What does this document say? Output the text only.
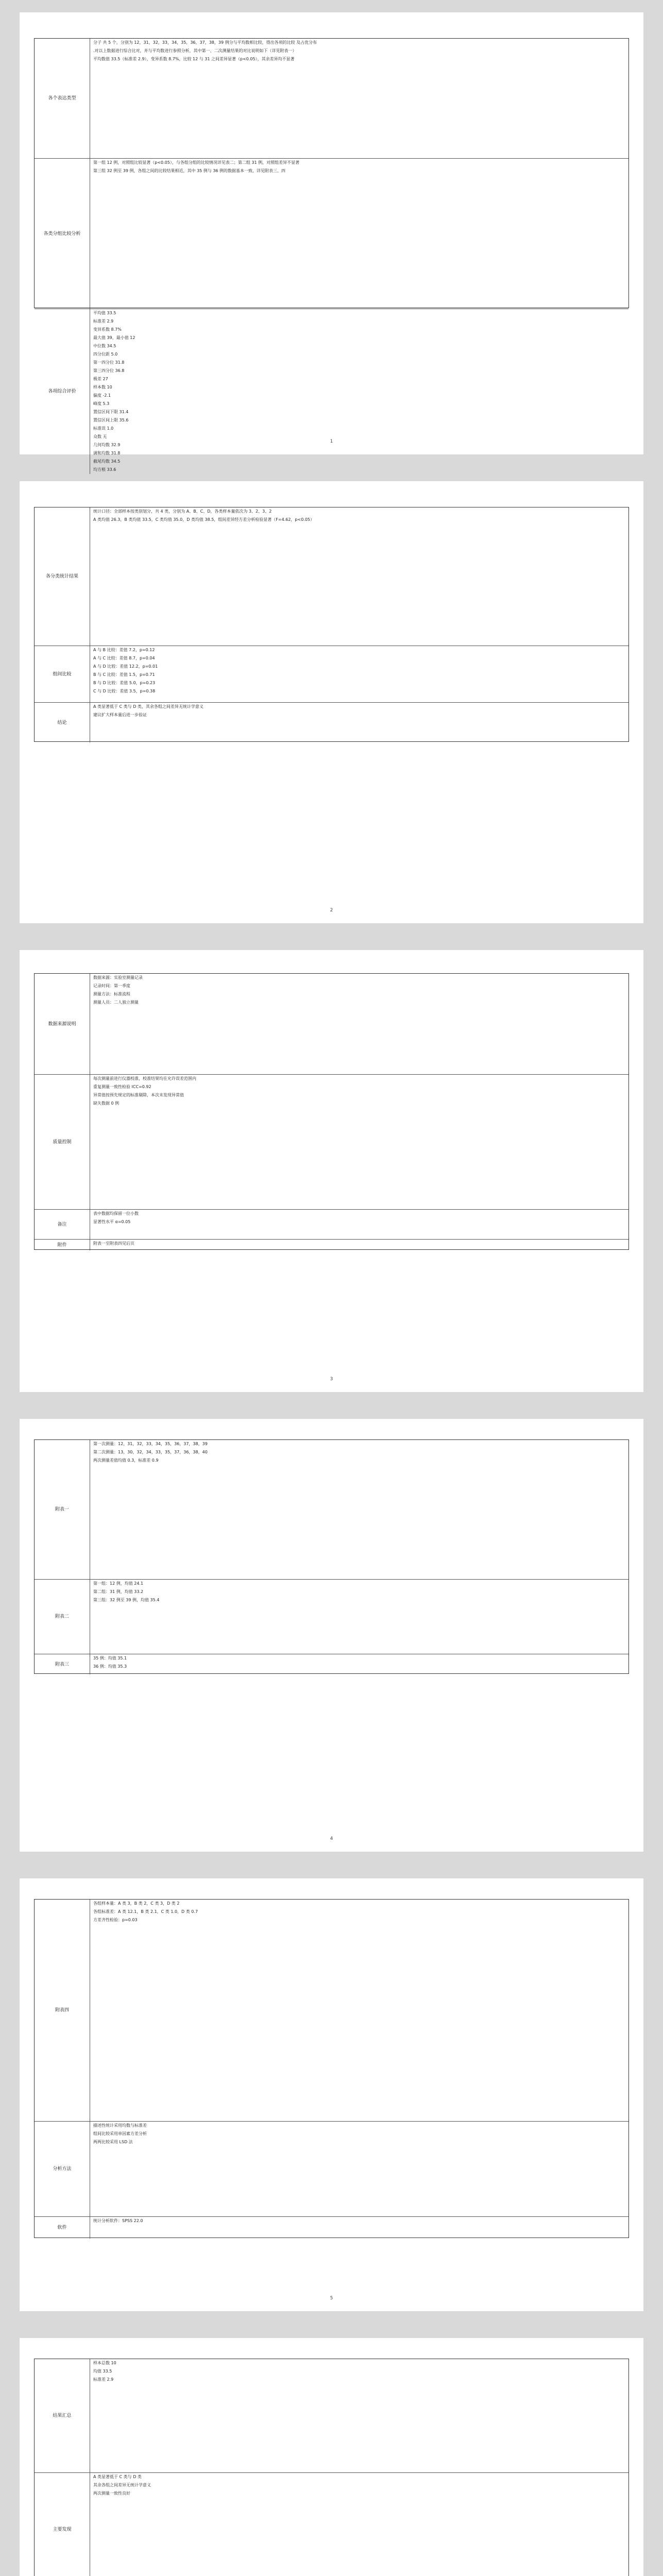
各个表达类型
分子 共 5 个，分别为 12，31，32，33，34，35，36，37，38，39 例分与平均数相比较，得出各项的比较 及占优分布
.对以上数据进行综合比对，并与平均数进行参照分析，其中第一、二次测量结果的对比说明如下（详见附表一）
平均数值 33.5（标准差 2.9），变异系数 8.7%，比较 12 与 31 之间差异显著（p<0.05），其余差异均不显著
各类分组比较分析
第一组 12 例，对照组比较显著（p<0.05），与各组分组的比较情况详见表二；第二组 31 例，对照组差异不显著
第三组 32 例至 39 例，各组之间的比较结果相近，其中 35 例与 36 例的数据基本一致，详见附表三、四
各项综合评价
平均值 33.5
标准差 2.9
变异系数 8.7%
最大值 39，最小值 12
中位数 34.5
四分位距 5.0
第一四分位 31.8
第三四分位 36.8
极差 27
样本数 10
偏度 -2.1
峰度 5.3
置信区间下限 31.4
置信区间上限 35.6
标准误 1.0
众数 无
几何均数 32.9
调和均数 31.8
截尾均数 34.5
均方根 33.6
1
各分类统计结果
统计口径：全部样本按类别划分，共 4 类，分别为 A、B、C、D，各类样本量依次为 3、2、3、2
A 类均值 26.3，B 类均值 33.5，C 类均值 35.0，D 类均值 38.5，组间差异经方差分析检验显著（F=4.62，p<0.05）
组间比较
A 与 B 比较：差值 7.2，p=0.12
A 与 C 比较：差值 8.7，p=0.04
A 与 D 比较：差值 12.2，p=0.01
B 与 C 比较：差值 1.5，p=0.71
B 与 D 比较：差值 5.0，p=0.23
C 与 D 比较：差值 3.5，p=0.38
结论
A 类显著低于 C 类与 D 类，其余各组之间差异无统计学意义
建议扩大样本量后进一步验证
2
数据来源说明
数据来源：实验室测量记录
记录时间：第一季度
测量方法：标准流程
测量人员：二人独立测量
质量控制
每次测量前进行仪器校准，校准结果均在允许误差范围内
重复测量一致性检验 ICC=0.92
异常值按预先规定的标准剔除，本次未发现异常值
缺失数据 0 例
备注
表中数据均保留一位小数
显著性水平 α=0.05
附件	附表一至附表四见后页
3
附表一
第一次测量：12，31，32，33，34，35，36，37，38，39
第二次测量：13，30，32，34，33，35，37，36，38，40
两次测量差值均值 0.3，标准差 0.9
附表二
第一组：12 例，均值 24.1
第二组：31 例，均值 33.2
第三组：32 例至 39 例，均值 35.4
附表三
35 例：均值 35.1
36 例：均值 35.3
4
附表四
各组样本量：A 类 3，B 类 2，C 类 3，D 类 2
各组标准差：A 类 12.1，B 类 2.1，C 类 1.0，D 类 0.7
方差齐性检验：p=0.03
分析方法
描述性统计采用均数与标准差
组间比较采用单因素方差分析
两两比较采用 LSD 法
软件
统计分析软件：SPSS 22.0
5
结果汇总
样本总数 10
均值 33.5
标准差 2.9
主要发现
A 类显著低于 C 类与 D 类
其余各组之间差异无统计学意义
两次测量一致性良好
